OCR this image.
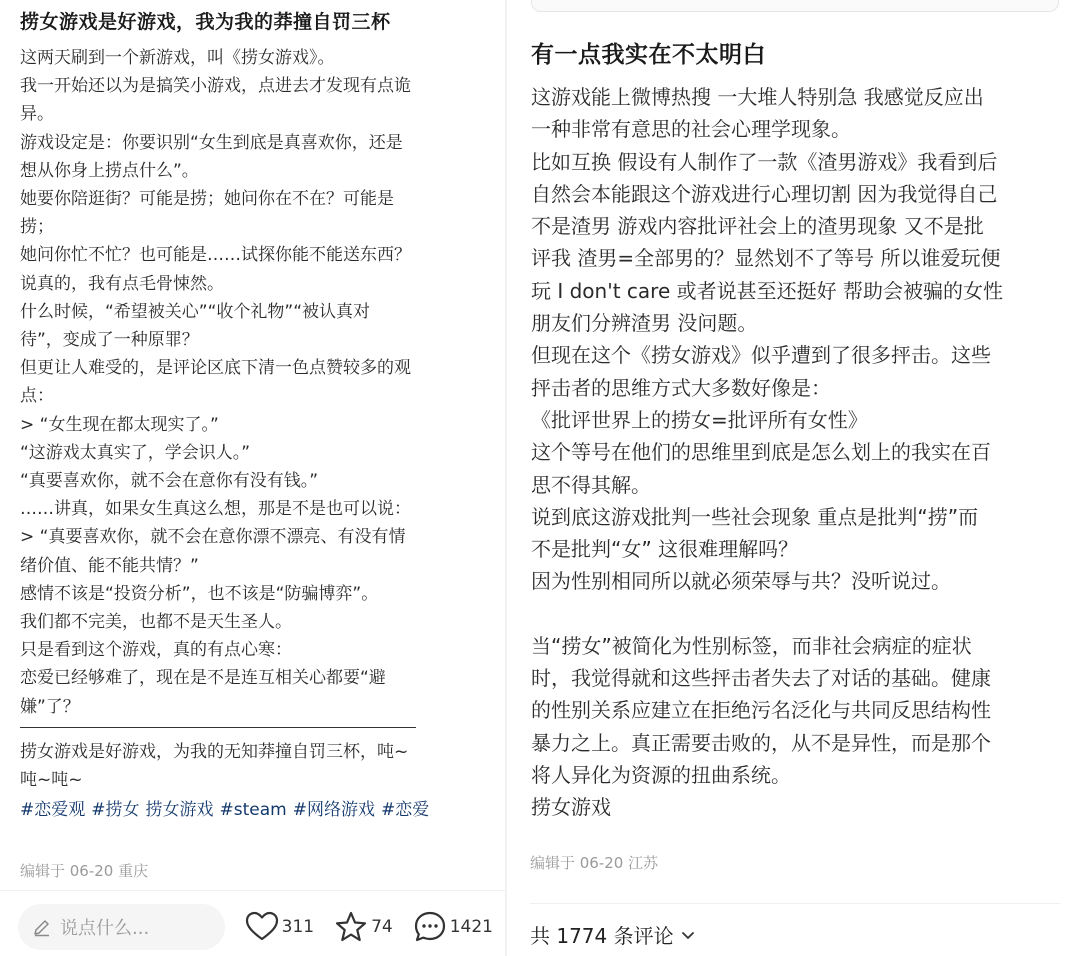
捞女游戏是好游戏，我为我的莽撞自罚三杯
这两天刷到一个新游戏，叫《捞女游戏》。
我一开始还以为是搞笑小游戏，点进去才发现有点诡
异。
游戏设定是：你要识别“女生到底是真喜欢你，还是
想从你身上捞点什么”。
她要你陪逛街？可能是捞；她问你在不在？可能是
捞；
她问你忙不忙？也可能是……试探你能不能送东西？
说真的，我有点毛骨悚然。
什么时候，“希望被关心”“收个礼物”“被认真对
待”，变成了一种原罪？
但更让人难受的，是评论区底下清一色点赞较多的观
点：
> “女生现在都太现实了。”
“这游戏太真实了，学会识人。”
“真要喜欢你，就不会在意你有没有钱。”
……讲真，如果女生真这么想，那是不是也可以说：
> “真要喜欢你，就不会在意你漂不漂亮、有没有情
绪价值、能不能共情？”
感情不该是“投资分析”，也不该是“防骗博弈”。
我们都不完美，也都不是天生圣人。
只是看到这个游戏，真的有点心寒：
恋爱已经够难了，现在是不是连互相关心都要“避
嫌”了？
捞女游戏是好游戏，为我的无知莽撞自罚三杯，吨~
吨~吨~
#恋爱观 #捞女 捞女游戏 #steam #网络游戏 #恋爱
编辑于 06-20 重庆
说点什么...	311	74	1421
有一点我实在不太明白
这游戏能上微博热搜 一大堆人特别急 我感觉反应出
一种非常有意思的社会心理学现象。
比如互换 假设有人制作了一款《渣男游戏》我看到后
自然会本能跟这个游戏进行心理切割 因为我觉得自己
不是渣男 游戏内容批评社会上的渣男现象 又不是批
评我 渣男=全部男的？显然划不了等号 所以谁爱玩便
玩 I don't care 或者说甚至还挺好 帮助会被骗的女性
朋友们分辨渣男 没问题。
但现在这个《捞女游戏》似乎遭到了很多抨击。这些
抨击者的思维方式大多数好像是：
《批评世界上的捞女=批评所有女性》
这个等号在他们的思维里到底是怎么划上的我实在百
思不得其解。
说到底这游戏批判一些社会现象 重点是批判“捞”而
不是批判“女” 这很难理解吗？
因为性别相同所以就必须荣辱与共？没听说过。
当“捞女”被简化为性别标签，而非社会病症的症状
时，我觉得就和这些抨击者失去了对话的基础。健康
的性别关系应建立在拒绝污名泛化与共同反思结构性
暴力之上。真正需要击败的，从不是异性，而是那个
将人异化为资源的扭曲系统。
捞女游戏
编辑于 06-20 江苏
共 1774 条评论
